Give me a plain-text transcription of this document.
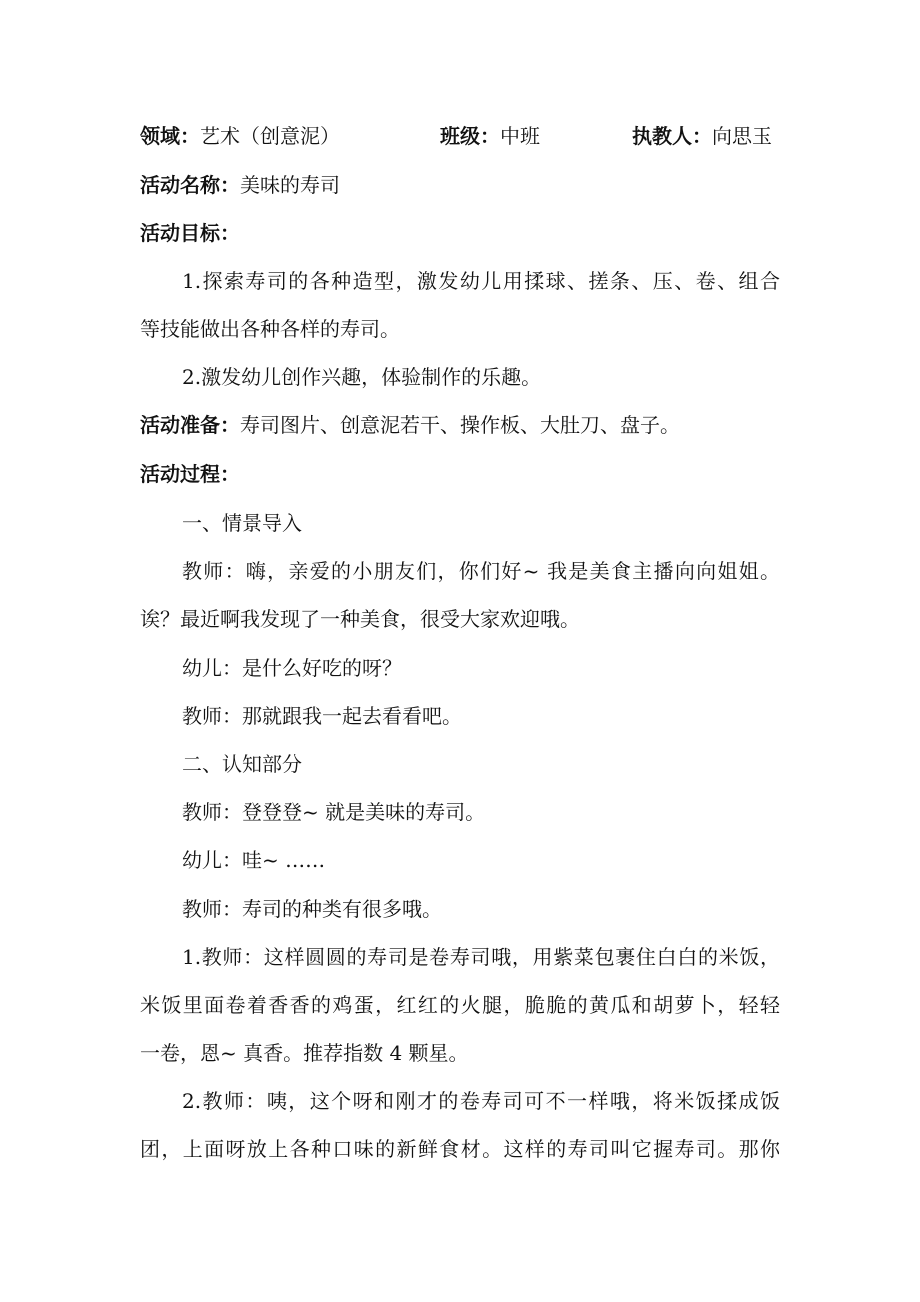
领域：艺术（创意泥）	班级：中班	执教人：向思玉
活动名称：美味的寿司
活动目标：
1.探索寿司的各种造型，激发幼儿用揉球、搓条、压、卷、组合
等技能做出各种各样的寿司。
2.激发幼儿创作兴趣，体验制作的乐趣。
活动准备：寿司图片、创意泥若干、操作板、大肚刀、盘子。
活动过程：
一、情景导入
教师：嗨，亲爱的小朋友们，你们好~ 我是美食主播向向姐姐。
诶？最近啊我发现了一种美食，很受大家欢迎哦。
幼儿：是什么好吃的呀？
教师：那就跟我一起去看看吧。
二、认知部分
教师：登登登~ 就是美味的寿司。
幼儿：哇~ ……
教师：寿司的种类有很多哦。
1.教师：这样圆圆的寿司是卷寿司哦，用紫菜包裹住白白的米饭，
米饭里面卷着香香的鸡蛋，红红的火腿，脆脆的黄瓜和胡萝卜，轻轻
一卷，恩~ 真香。推荐指数 4 颗星。
2.教师：咦，这个呀和刚才的卷寿司可不一样哦，将米饭揉成饭
团，上面呀放上各种口味的新鲜食材。这样的寿司叫它握寿司。那你
